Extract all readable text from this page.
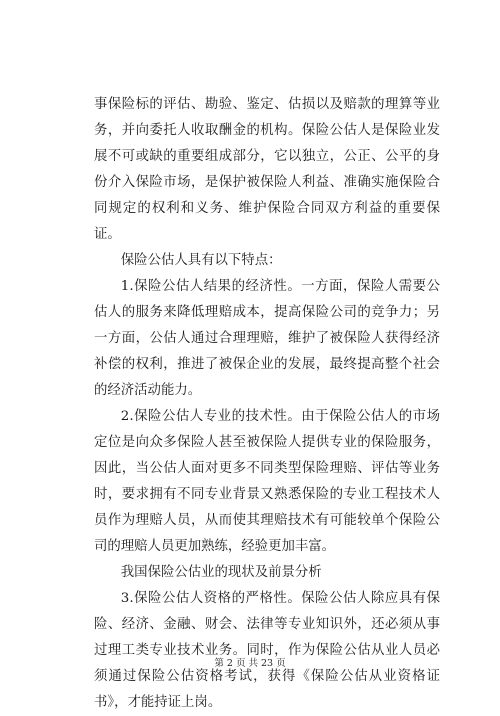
事保险标的评估、勘验、鉴定、估损以及赔款的理算等业务，并向委托人收取酬金的机构。保险公估人是保险业发展不可或缺的重要组成部分，它以独立，公正、公平的身份介入保险市场，是保护被保险人利益、准确实施保险合同规定的权利和义务、维护保险合同双方利益的重要保证。

保险公估人具有以下特点：

1.保险公估人结果的经济性。一方面，保险人需要公估人的服务来降低理赔成本，提高保险公司的竞争力；另一方面，公估人通过合理理赔，维护了被保险人获得经济补偿的权利，推进了被保企业的发展，最终提高整个社会的经济活动能力。

2.保险公估人专业的技术性。由于保险公估人的市场定位是向众多保险人甚至被保险人提供专业的保险服务，因此，当公估人面对更多不同类型保险理赔、评估等业务时，要求拥有不同专业背景又熟悉保险的专业工程技术人员作为理赔人员，从而使其理赔技术有可能较单个保险公司的理赔人员更加熟练，经验更加丰富。

我国保险公估业的现状及前景分析

3.保险公估人资格的严格性。保险公估人除应具有保险、经济、金融、财会、法律等专业知识外，还必须从事过理工类专业技术业务。同时，作为保险公估从业人员必须通过保险公估资格考试，获得《保险公估从业资格证书》，才能持证上岗。

第 2 页 共 23 页
